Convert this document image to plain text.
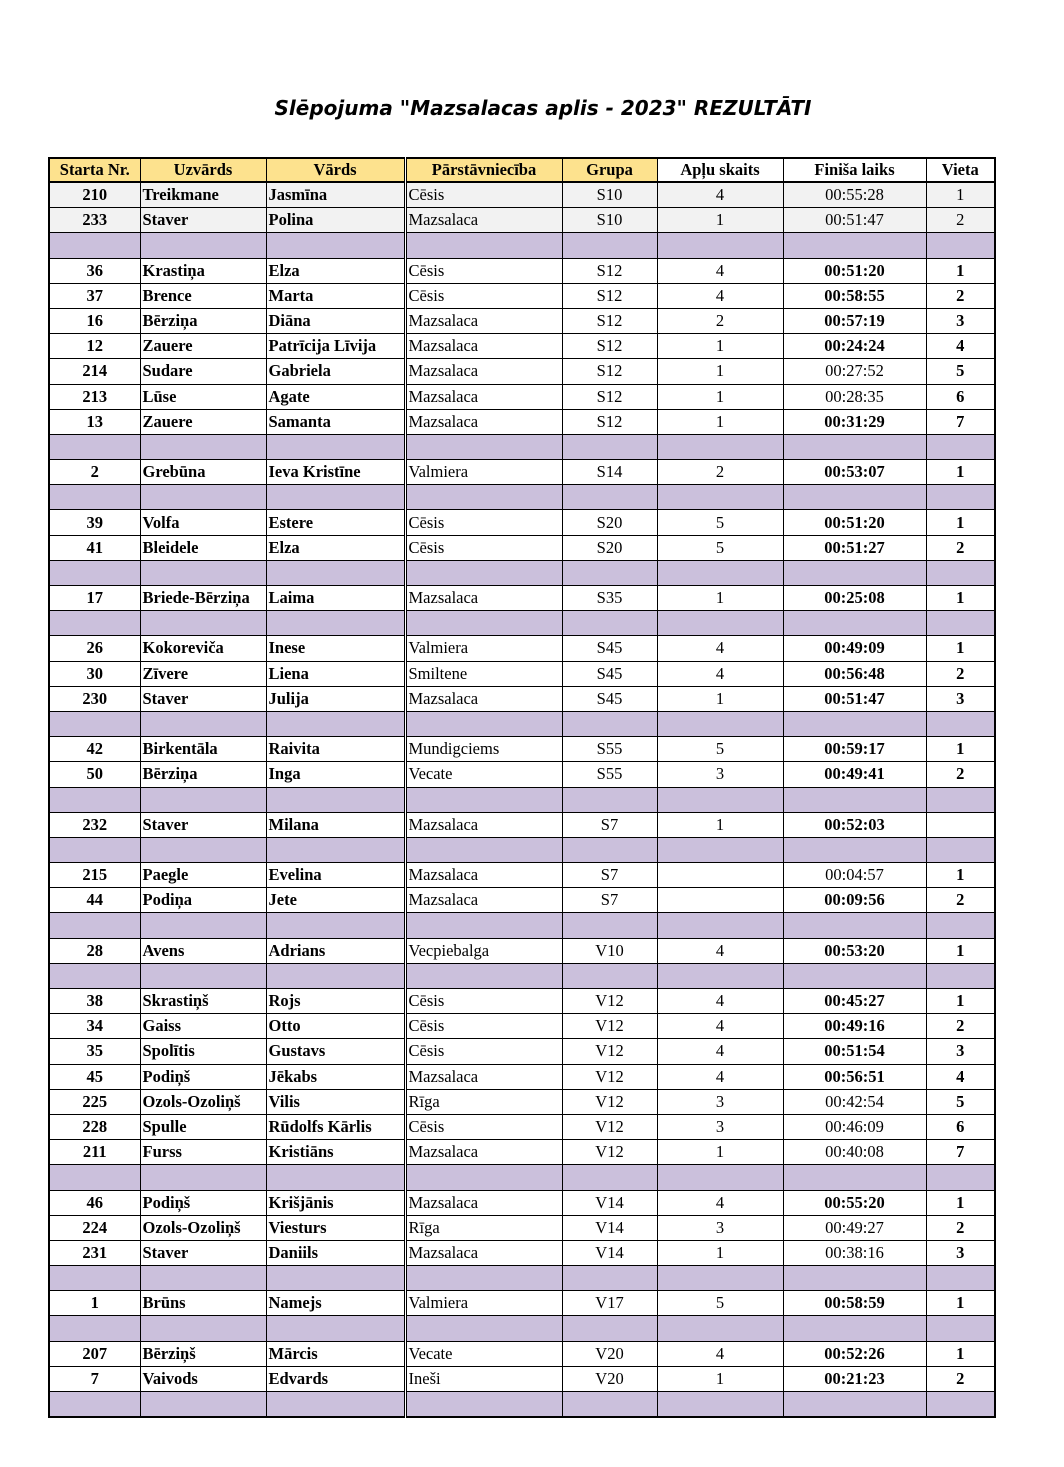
Slēpojuma "Mazsalacas aplis - 2023" REZULTĀTI
Starta Nr.	Uzvārds	Vārds	Pārstāvniecība	Grupa	Apļu skaits	Finiša laiks	Vieta
210	Treikmane	Jasmīna	Cēsis	S10	4	00:55:28	1
233	Staver	Polina	Mazsalaca	S10	1	00:51:47	2

36	Krastiņa	Elza	Cēsis	S12	4	00:51:20	1
37	Brence	Marta	Cēsis	S12	4	00:58:55	2
16	Bērziņa	Diāna	Mazsalaca	S12	2	00:57:19	3
12	Zauere	Patrīcija Līvija	Mazsalaca	S12	1	00:24:24	4
214	Sudare	Gabriela	Mazsalaca	S12	1	00:27:52	5
213	Lūse	Agate	Mazsalaca	S12	1	00:28:35	6
13	Zauere	Samanta	Mazsalaca	S12	1	00:31:29	7

2	Grebūna	Ieva Kristīne	Valmiera	S14	2	00:53:07	1

39	Volfa	Estere	Cēsis	S20	5	00:51:20	1
41	Bleidele	Elza	Cēsis	S20	5	00:51:27	2

17	Briede-Bērziņa	Laima	Mazsalaca	S35	1	00:25:08	1

26	Kokoreviča	Inese	Valmiera	S45	4	00:49:09	1
30	Zīvere	Liena	Smiltene	S45	4	00:56:48	2
230	Staver	Julija	Mazsalaca	S45	1	00:51:47	3

42	Birkentāla	Raivita	Mundigciems	S55	5	00:59:17	1
50	Bērziņa	Inga	Vecate	S55	3	00:49:41	2

232	Staver	Milana	Mazsalaca	S7	1	00:52:03	

215	Paegle	Evelina	Mazsalaca	S7		00:04:57	1
44	Podiņa	Jete	Mazsalaca	S7		00:09:56	2

28	Avens	Adrians	Vecpiebalga	V10	4	00:53:20	1

38	Skrastiņš	Rojs	Cēsis	V12	4	00:45:27	1
34	Gaiss	Otto	Cēsis	V12	4	00:49:16	2
35	Spolītis	Gustavs	Cēsis	V12	4	00:51:54	3
45	Podiņš	Jēkabs	Mazsalaca	V12	4	00:56:51	4
225	Ozols-Ozoliņš	Vilis	Rīga	V12	3	00:42:54	5
228	Spulle	Rūdolfs Kārlis	Cēsis	V12	3	00:46:09	6
211	Furss	Kristiāns	Mazsalaca	V12	1	00:40:08	7

46	Podiņš	Krišjānis	Mazsalaca	V14	4	00:55:20	1
224	Ozols-Ozoliņš	Viesturs	Rīga	V14	3	00:49:27	2
231	Staver	Daniils	Mazsalaca	V14	1	00:38:16	3

1	Brūns	Namejs	Valmiera	V17	5	00:58:59	1

207	Bērziņš	Mārcis	Vecate	V20	4	00:52:26	1
7	Vaivods	Edvards	Ineši	V20	1	00:21:23	2
